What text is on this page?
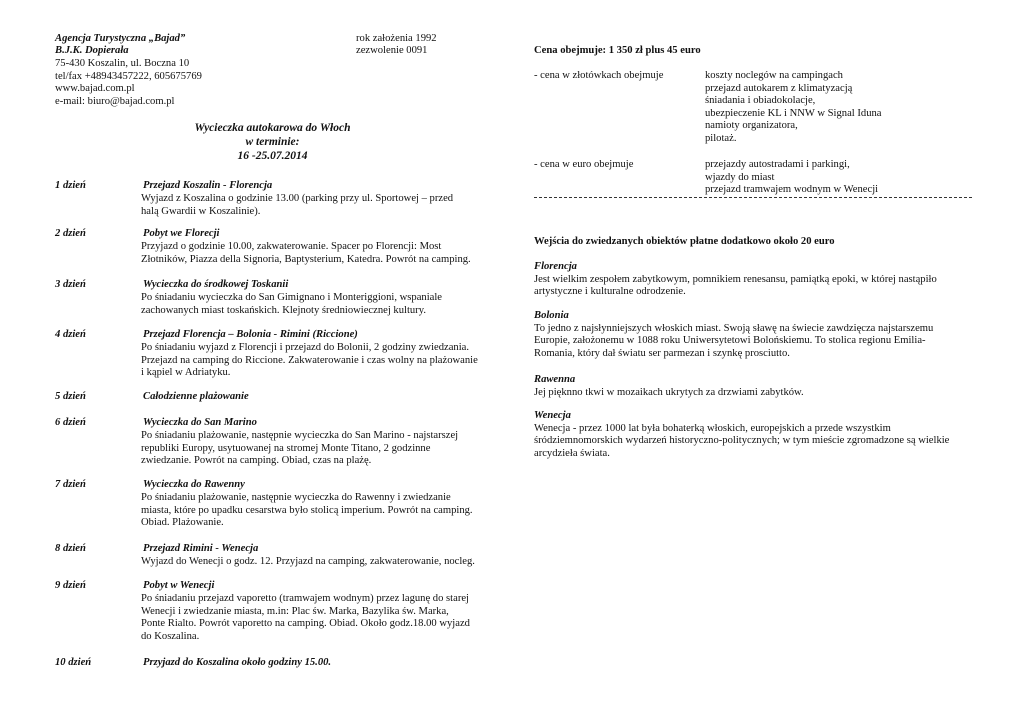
Agencja Turystyczna „Bajad”
B.J.K. Dopierała
75-430 Koszalin, ul. Boczna 10
tel/fax +48943457222, 605675769
www.bajad.com.pl
e-mail: biuro@bajad.com.pl
rok założenia 1992
zezwolenie 0091
Wycieczka autokarowa do Włoch
w terminie:
16 -25.07.2014
1 dzień	Przejazd Koszalin - Florencja
Wyjazd z Koszalina o godzinie 13.00 (parking przy ul. Sportowej – przed
halą Gwardii w Koszalinie).
2 dzień	Pobyt we Florecji
Przyjazd o godzinie 10.00, zakwaterowanie. Spacer po Florencji: Most
Złotników, Piazza della Signoria, Baptysterium, Katedra. Powrót na camping.
3 dzień	Wycieczka do środkowej Toskanii
Po śniadaniu wycieczka do San Gimignano i Monteriggioni, wspaniale
zachowanych miast toskańskich. Klejnoty średniowiecznej kultury.
4 dzień	Przejazd Florencja – Bolonia - Rimini (Riccione)
Po śniadaniu wyjazd z Florencji i przejazd do Bolonii, 2 godziny zwiedzania.
Przejazd na camping do Riccione. Zakwaterowanie i czas wolny na plażowanie
i kąpiel w Adriatyku.
5 dzień	Całodzienne plażowanie
6 dzień	Wycieczka do San Marino
Po śniadaniu plażowanie, następnie wycieczka do San Marino - najstarszej
republiki Europy, usytuowanej na stromej Monte Titano, 2 godzinne
zwiedzanie. Powrót na camping. Obiad, czas na plażę.
7 dzień	Wycieczka do Rawenny
Po śniadaniu plażowanie, następnie wycieczka do Rawenny i zwiedzanie
miasta, które po upadku cesarstwa było stolicą imperium. Powrót na camping.
Obiad. Plażowanie.
8 dzień	Przejazd Rimini - Wenecja
Wyjazd do Wenecji o godz. 12. Przyjazd na camping, zakwaterowanie, nocleg.
9 dzień	Pobyt w Wenecji
Po śniadaniu przejazd vaporetto (tramwajem wodnym) przez lagunę do starej
Wenecji i zwiedzanie miasta, m.in: Plac św. Marka, Bazylika św. Marka,
Ponte Rialto. Powrót vaporetto na camping. Obiad. Około godz.18.00 wyjazd
do Koszalina.
10 dzień	Przyjazd do Koszalina około godziny 15.00.
Cena obejmuje: 1 350 zł plus 45 euro
- cena w złotówkach obejmuje	koszty noclegów na campingach
przejazd autokarem z klimatyzacją
śniadania i obiadokolacje,
ubezpieczenie KL i NNW w Signal Iduna
namioty organizatora,
pilotaż.
- cena w euro obejmuje	przejazdy autostradami i parkingi,
wjazdy do miast
przejazd tramwajem wodnym w Wenecji
Wejścia do zwiedzanych obiektów płatne dodatkowo około 20 euro
Florencja
Jest wielkim zespołem zabytkowym, pomnikiem renesansu, pamiątką epoki, w której nastąpiło
artystyczne i kulturalne odrodzenie.
Bolonia
To jedno z najsłynniejszych włoskich miast. Swoją sławę na świecie zawdzięcza najstarszemu
Europie, założonemu w 1088 roku Uniwersytetowi Bolońskiemu. To stolica regionu Emilia-
Romania, który dał światu ser parmezan i szynkę prosciutto.
Rawenna
Jej pięknno tkwi w mozaikach ukrytych za drzwiami zabytków.
Wenecja
Wenecja - przez 1000 lat była bohaterką włoskich, europejskich a przede wszystkim
śródziemnomorskich wydarzeń historyczno-politycznych; w tym mieście zgromadzone są wielkie
arcydzieła świata.
